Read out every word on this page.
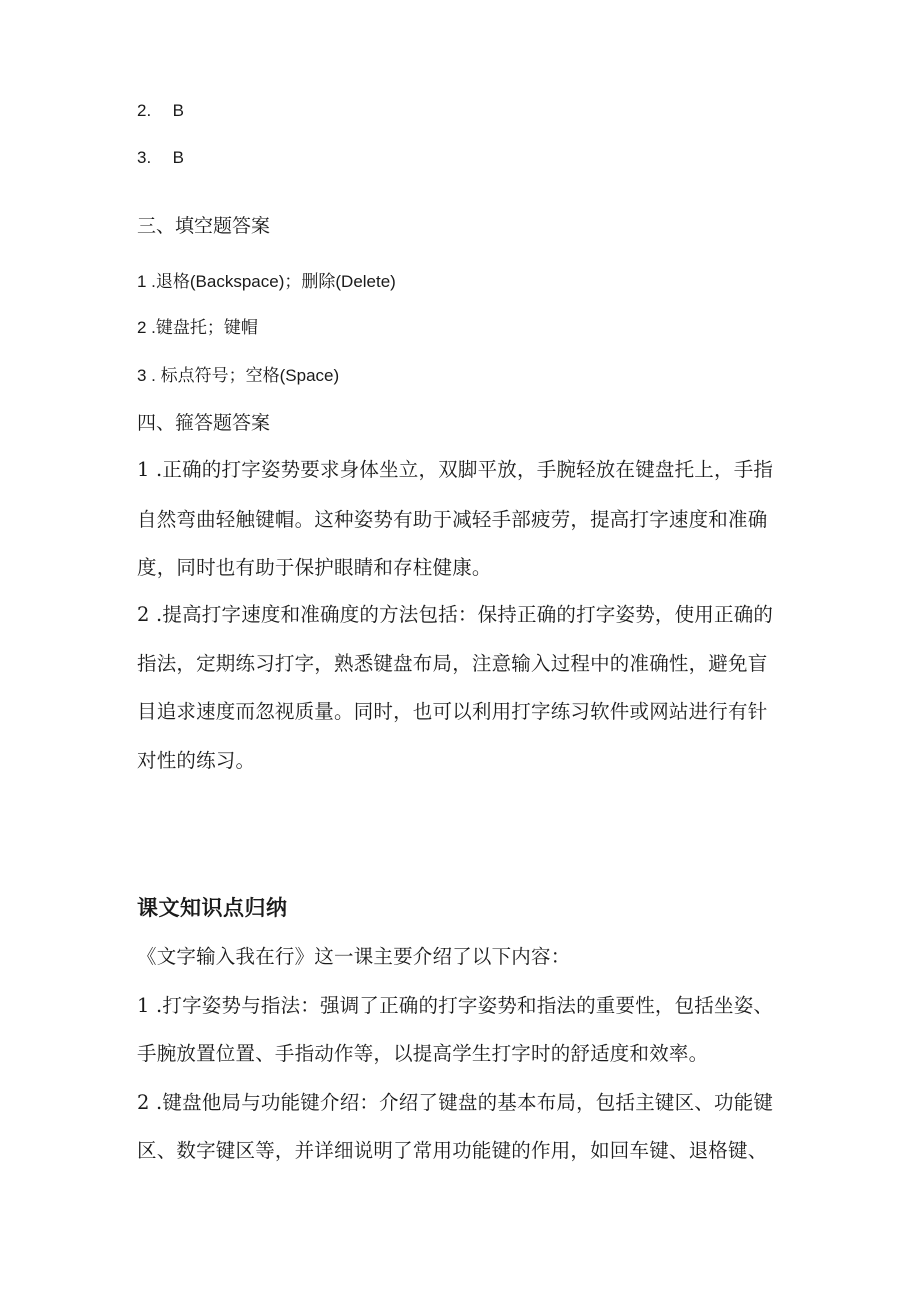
2. B
3. B
三、填空题答案
1 .退格(Backspace)；删除(Delete)
2 .键盘托；键帽
3 . 标点符号；空格(Space)
四、箍答题答案
1 .正确的打字姿势要求身体坐立，双脚平放，手腕轻放在键盘托上，手指
自然弯曲轻触键帽。这种姿势有助于减轻手部疲劳，提高打字速度和准确
度，同时也有助于保护眼睛和存柱健康。
2 .提高打字速度和准确度的方法包括：保持正确的打字姿势，使用正确的
指法，定期练习打字，熟悉键盘布局，注意输入过程中的准确性，避免盲
目追求速度而忽视质量。同时，也可以利用打字练习软件或网站进行有针
对性的练习。
课文知识点归纳
《文字输入我在行》这一课主要介绍了以下内容：
1 .打字姿势与指法：强调了正确的打字姿势和指法的重要性，包括坐姿、
手腕放置位置、手指动作等，以提高学生打字时的舒适度和效率。
2 .键盘他局与功能键介绍：介绍了键盘的基本布局，包括主键区、功能键
区、数字键区等，并详细说明了常用功能键的作用，如回车键、退格键、
